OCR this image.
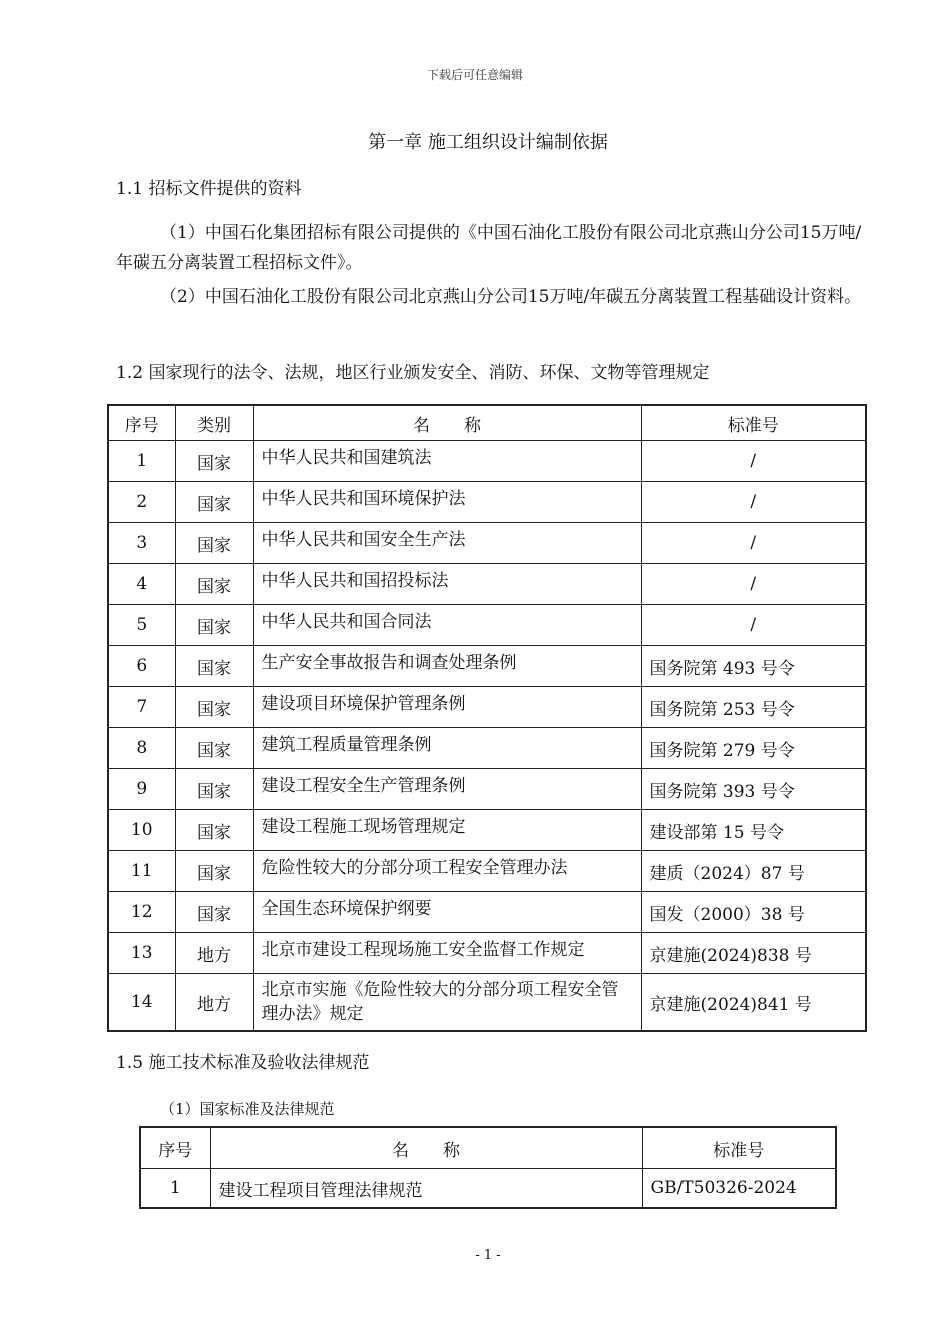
下载后可任意编辑
第一章 施工组织设计编制依据
1.1 招标文件提供的资料
（1）中国石化集团招标有限公司提供的《中国石油化工股份有限公司北京燕山分公司15万吨/年碳五分离装置工程招标文件》。
（2）中国石油化工股份有限公司北京燕山分公司15万吨/年碳五分离装置工程基础设计资料。
1.2 国家现行的法令、法规，地区行业颁发安全、消防、环保、文物等管理规定
序号	类别	名　　称	标准号
1	国家	中华人民共和国建筑法	/
2	国家	中华人民共和国环境保护法	/
3	国家	中华人民共和国安全生产法	/
4	国家	中华人民共和国招投标法	/
5	国家	中华人民共和国合同法	/
6	国家	生产安全事故报告和调查处理条例	国务院第 493 号令
7	国家	建设项目环境保护管理条例	国务院第 253 号令
8	国家	建筑工程质量管理条例	国务院第 279 号令
9	国家	建设工程安全生产管理条例	国务院第 393 号令
10	国家	建设工程施工现场管理规定	建设部第 15 号令
11	国家	危险性较大的分部分项工程安全管理办法	建质（2024）87 号
12	国家	全国生态环境保护纲要	国发（2000）38 号
13	地方	北京市建设工程现场施工安全监督工作规定	京建施(2024)838 号
14	地方	北京市实施《危险性较大的分部分项工程安全管理办法》规定	京建施(2024)841 号
1.5 施工技术标准及验收法律规范
（1）国家标准及法律规范
序号	名　　称	标准号
1	建设工程项目管理法律规范	GB/T50326-2024
- 1 -
